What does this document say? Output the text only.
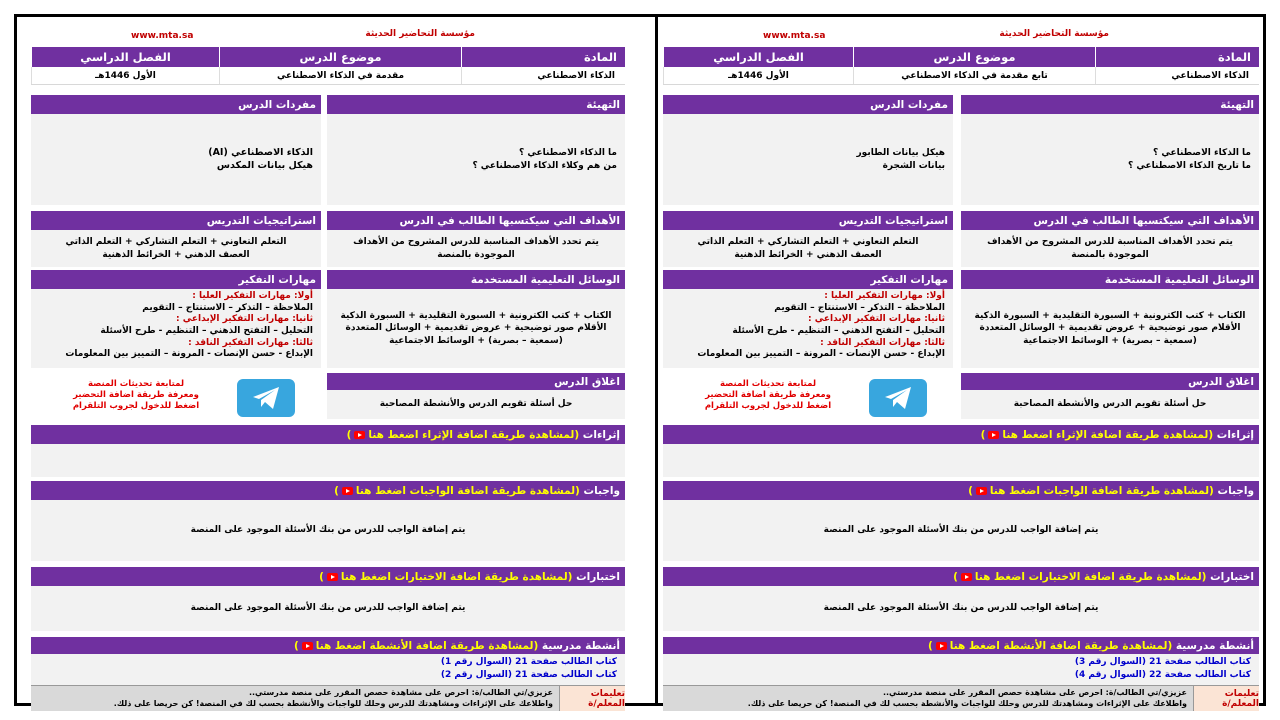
www.mta.sa	مؤسسة التحاضير الحديثة
المادة
موضوع الدرس
الفصل الدراسي
الذكاء الاصطناعي
مقدمة في الذكاء الاصطناعي
الأول 1446هـ
التهيئة
ما الذكاء الاصطناعي ؟
من هم وكلاء الذكاء الاصطناعي ؟
مفردات الدرس
الذكاء الاصطناعي (AI)
هيكل بيانات المكدس
الأهداف التي سيكتسبها الطالب في الدرس
يتم تحدد الأهداف المناسبة للدرس المشروح من الأهداف الموجودة بالمنصة
استراتيجيات التدريس
التعلم التعاوني + التعلم التشاركي + التعلم الذاتي
العصف الذهني + الخرائط الذهنية
الوسائل التعليمية المستخدمة
الكتاب + كتب الكترونية + السبورة التقليدية + السبورة الذكية
الأقلام صور توضيحية + عروض تقديمية + الوسائل المتعددة
(سمعية – بصرية) + الوسائط الاجتماعية
مهارات التفكير
أولا: مهارات التفكير العليا :
الملاحظة – التذكر – الاستنتاج – التقويم
ثانيا: مهارات التفكير الإبداعي :
التحليل – التفتح الذهني – التنظيم - طرح الأسئلة
ثالثا: مهارات التفكير الناقد :
الإبداع - حسن الإنصات - المرونة – التمييز بين المعلومات
اغلاق الدرس
حل أسئلة تقويم الدرس والأنشطة المصاحبة
لمتابعة تحديثات المنصة
ومعرفة طريقة اضافة التحضير
اضغط للدخول لجروب التلقرام
إثراءات

(لمشاهدة طريقة اضافة الإثراء اضغط هنا)
واجبات

(لمشاهدة طريقة اضافة الواجبات اضغط هنا)
يتم إضافة الواجب للدرس من بنك الأسئلة الموجود على المنصة
اختبارات

(لمشاهدة طريقة اضافة الاختبارات اضغط هنا)
يتم إضافة الواجب للدرس من بنك الأسئلة الموجود على المنصة
أنشطة مدرسية

(لمشاهدة طريقة اضافة الأنشطة اضغط هنا)
كتاب الطالب صفحة 21 (السوال رقم 1)
كتاب الطالب صفحة 21 (السوال رقم 2)
تعليمات المعلم/ة
عزيزي/تي الطالب/ة: احرص على مشاهدة حصص المقرر على منصة مدرستي..
واطلاعك على الإثراءات ومشاهدتك للدرس وحلك للواجبات والأنشطة بحسب لك في المنصة! كن حريصا على ذلك.
www.mta.sa	مؤسسة التحاضير الحديثة
المادة
موضوع الدرس
الفصل الدراسي
الذكاء الاصطناعي
تابع مقدمة في الذكاء الاصطناعي
الأول 1446هـ
التهيئة
ما الذكاء الاصطناعي ؟
ما تاريخ الذكاء الاصطناعي ؟
مفردات الدرس
هيكل بيانات الطابور
بيانات الشجرة
الأهداف التي سيكتسبها الطالب في الدرس
يتم تحدد الأهداف المناسبة للدرس المشروح من الأهداف الموجودة بالمنصة
استراتيجيات التدريس
التعلم التعاوني + التعلم التشاركي + التعلم الذاتي
العصف الذهني + الخرائط الذهنية
الوسائل التعليمية المستخدمة
الكتاب + كتب الكترونية + السبورة التقليدية + السبورة الذكية
الأقلام صور توضيحية + عروض تقديمية + الوسائل المتعددة
(سمعية – بصرية) + الوسائط الاجتماعية
مهارات التفكير
أولا: مهارات التفكير العليا :
الملاحظة – التذكر – الاستنتاج – التقويم
ثانيا: مهارات التفكير الإبداعي :
التحليل – التفتح الذهني – التنظيم - طرح الأسئلة
ثالثا: مهارات التفكير الناقد :
الإبداع - حسن الإنصات - المرونة – التمييز بين المعلومات
اغلاق الدرس
حل أسئلة تقويم الدرس والأنشطة المصاحبة
لمتابعة تحديثات المنصة
ومعرفة طريقة اضافة التحضير
اضغط للدخول لجروب التلقرام
إثراءات

(لمشاهدة طريقة اضافة الإثراء اضغط هنا)
واجبات

(لمشاهدة طريقة اضافة الواجبات اضغط هنا)
يتم إضافة الواجب للدرس من بنك الأسئلة الموجود على المنصة
اختبارات

(لمشاهدة طريقة اضافة الاختبارات اضغط هنا)
يتم إضافة الواجب للدرس من بنك الأسئلة الموجود على المنصة
أنشطة مدرسية

(لمشاهدة طريقة اضافة الأنشطة اضغط هنا)
كتاب الطالب صفحة 21 (السوال رقم 3)
كتاب الطالب صفحة 22 (السوال رقم 4)
تعليمات المعلم/ة
عزيزي/تي الطالب/ة: احرص على مشاهدة حصص المقرر على منصة مدرستي..
واطلاعك على الإثراءات ومشاهدتك للدرس وحلك للواجبات والأنشطة بحسب لك في المنصة! كن حريصا على ذلك.
